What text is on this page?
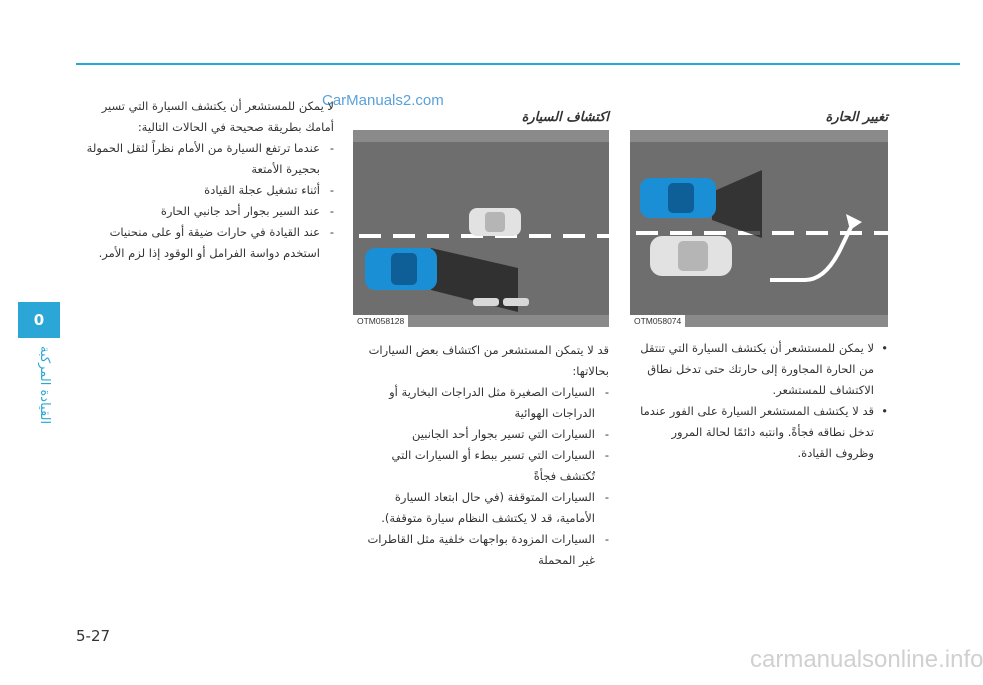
0
القيادة المركبة
5-27
CarManuals2.com
carmanualsonline.info
تغيير الحارة
OTM058074
• لا يمكن للمستشعر أن يكتشف السيارة التي تنتقل من الحارة المجاورة إلى حارتك حتى تدخل نطاق الاكتشاف للمستشعر.
• قد لا يكتشف المستشعر السيارة على الفور عندما تدخل نطاقه فجأةً. وانتبه دائمًا لحالة المرور وظروف القيادة.
اكتشاف السيارة
OTM058128

قد لا يتمكن المستشعر من اكتشاف بعض السيارات بحالاتها:

- السيارات الصغيرة مثل الدراجات البخارية أو الدراجات الهوائية
- السيارات التي تسير بجوار أحد الجانبين
- السيارات التي تسير ببطء أو السيارات التي تُكتشف فجأةً
- السيارات المتوقفة (في حال ابتعاد السيارة الأمامية، قد لا يكتشف النظام سيارة متوقفة).
- السيارات المزودة بواجهات خلفية مثل القاطرات غير المحملة

لا يمكن للمستشعر أن يكتشف السيارة التي تسير أمامك بطريقة صحيحة في الحالات التالية:

- عندما ترتفع السيارة من الأمام نظراً لثقل الحمولة بحجيرة الأمتعة
- أثناء تشغيل عجلة القيادة
- عند السير بجوار أحد جانبي الحارة
- عند القيادة في حارات ضيقة أو على منحنيات استخدم دواسة الفرامل أو الوقود إذا لزم الأمر.
